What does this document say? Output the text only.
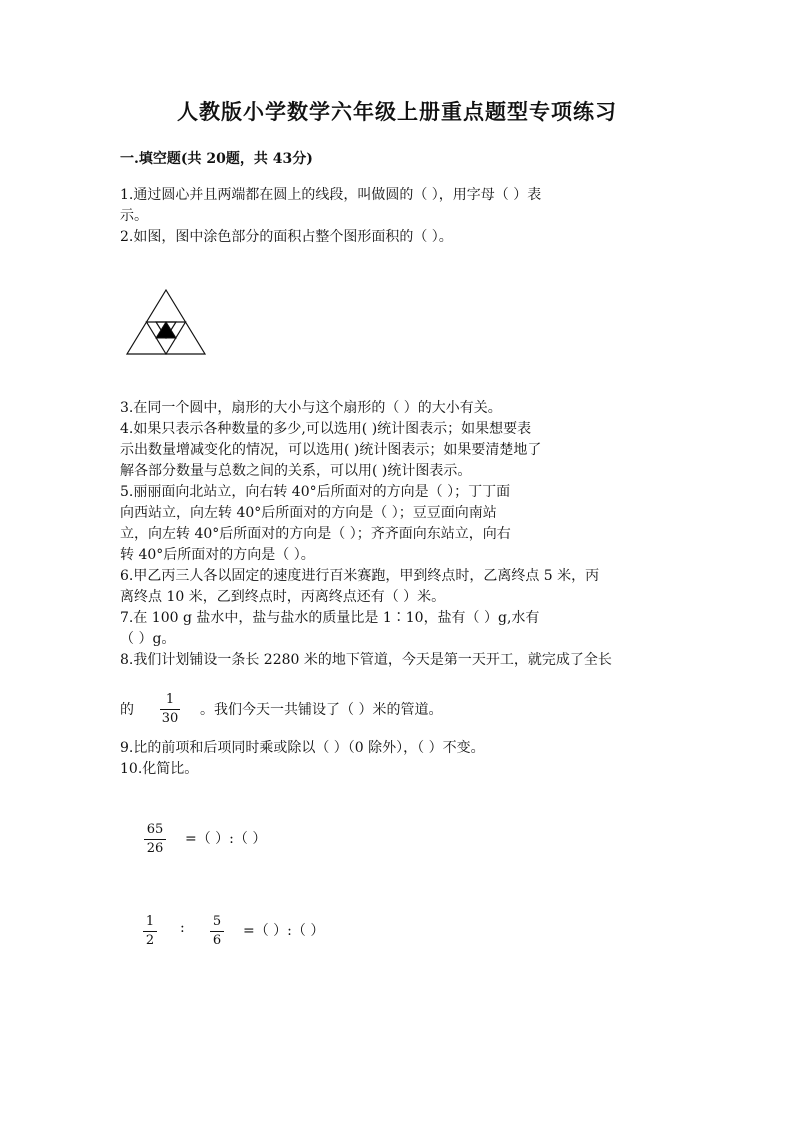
人教版小学数学六年级上册重点题型专项练习
一.填空题(共 20题，共 43分)
1.通过圆心并且两端都在圆上的线段，叫做圆的（ ），用字母（ ）表
示。
2.如图，图中涂色部分的面积占整个图形面积的（ ）。
3.在同一个圆中，扇形的大小与这个扇形的（ ）的大小有关。
4.如果只表示各种数量的多少,可以选用( )统计图表示；如果想要表
示出数量增减变化的情况，可以选用( )统计图表示；如果要清楚地了
解各部分数量与总数之间的关系，可以用( )统计图表示。
5.丽丽面向北站立，向右转 40°后所面对的方向是（ ）；丁丁面
向西站立，向左转 40°后所面对的方向是（ ）；豆豆面向南站
立，向左转 40°后所面对的方向是（ ）；齐齐面向东站立，向右
转 40°后所面对的方向是（ ）。
6.甲乙丙三人各以固定的速度进行百米赛跑，甲到终点时，乙离终点 5 米，丙
离终点 10 米，乙到终点时，丙离终点还有（ ）米。
7.在 100 g 盐水中，盐与盐水的质量比是 1∶10，盐有（ ）g,水有
（ ）g。
8.我们计划铺设一条长 2280 米的地下管道，今天是第一天开工，就完成了全长
的
1
30
。我们今天一共铺设了（ ）米的管道。
9.比的前项和后项同时乘或除以（ ）（0 除外），（ ）不变。
10.化简比。
65
26
=（ ）:（ ）
1
2
: 5
6
=（ ）:（ ）
